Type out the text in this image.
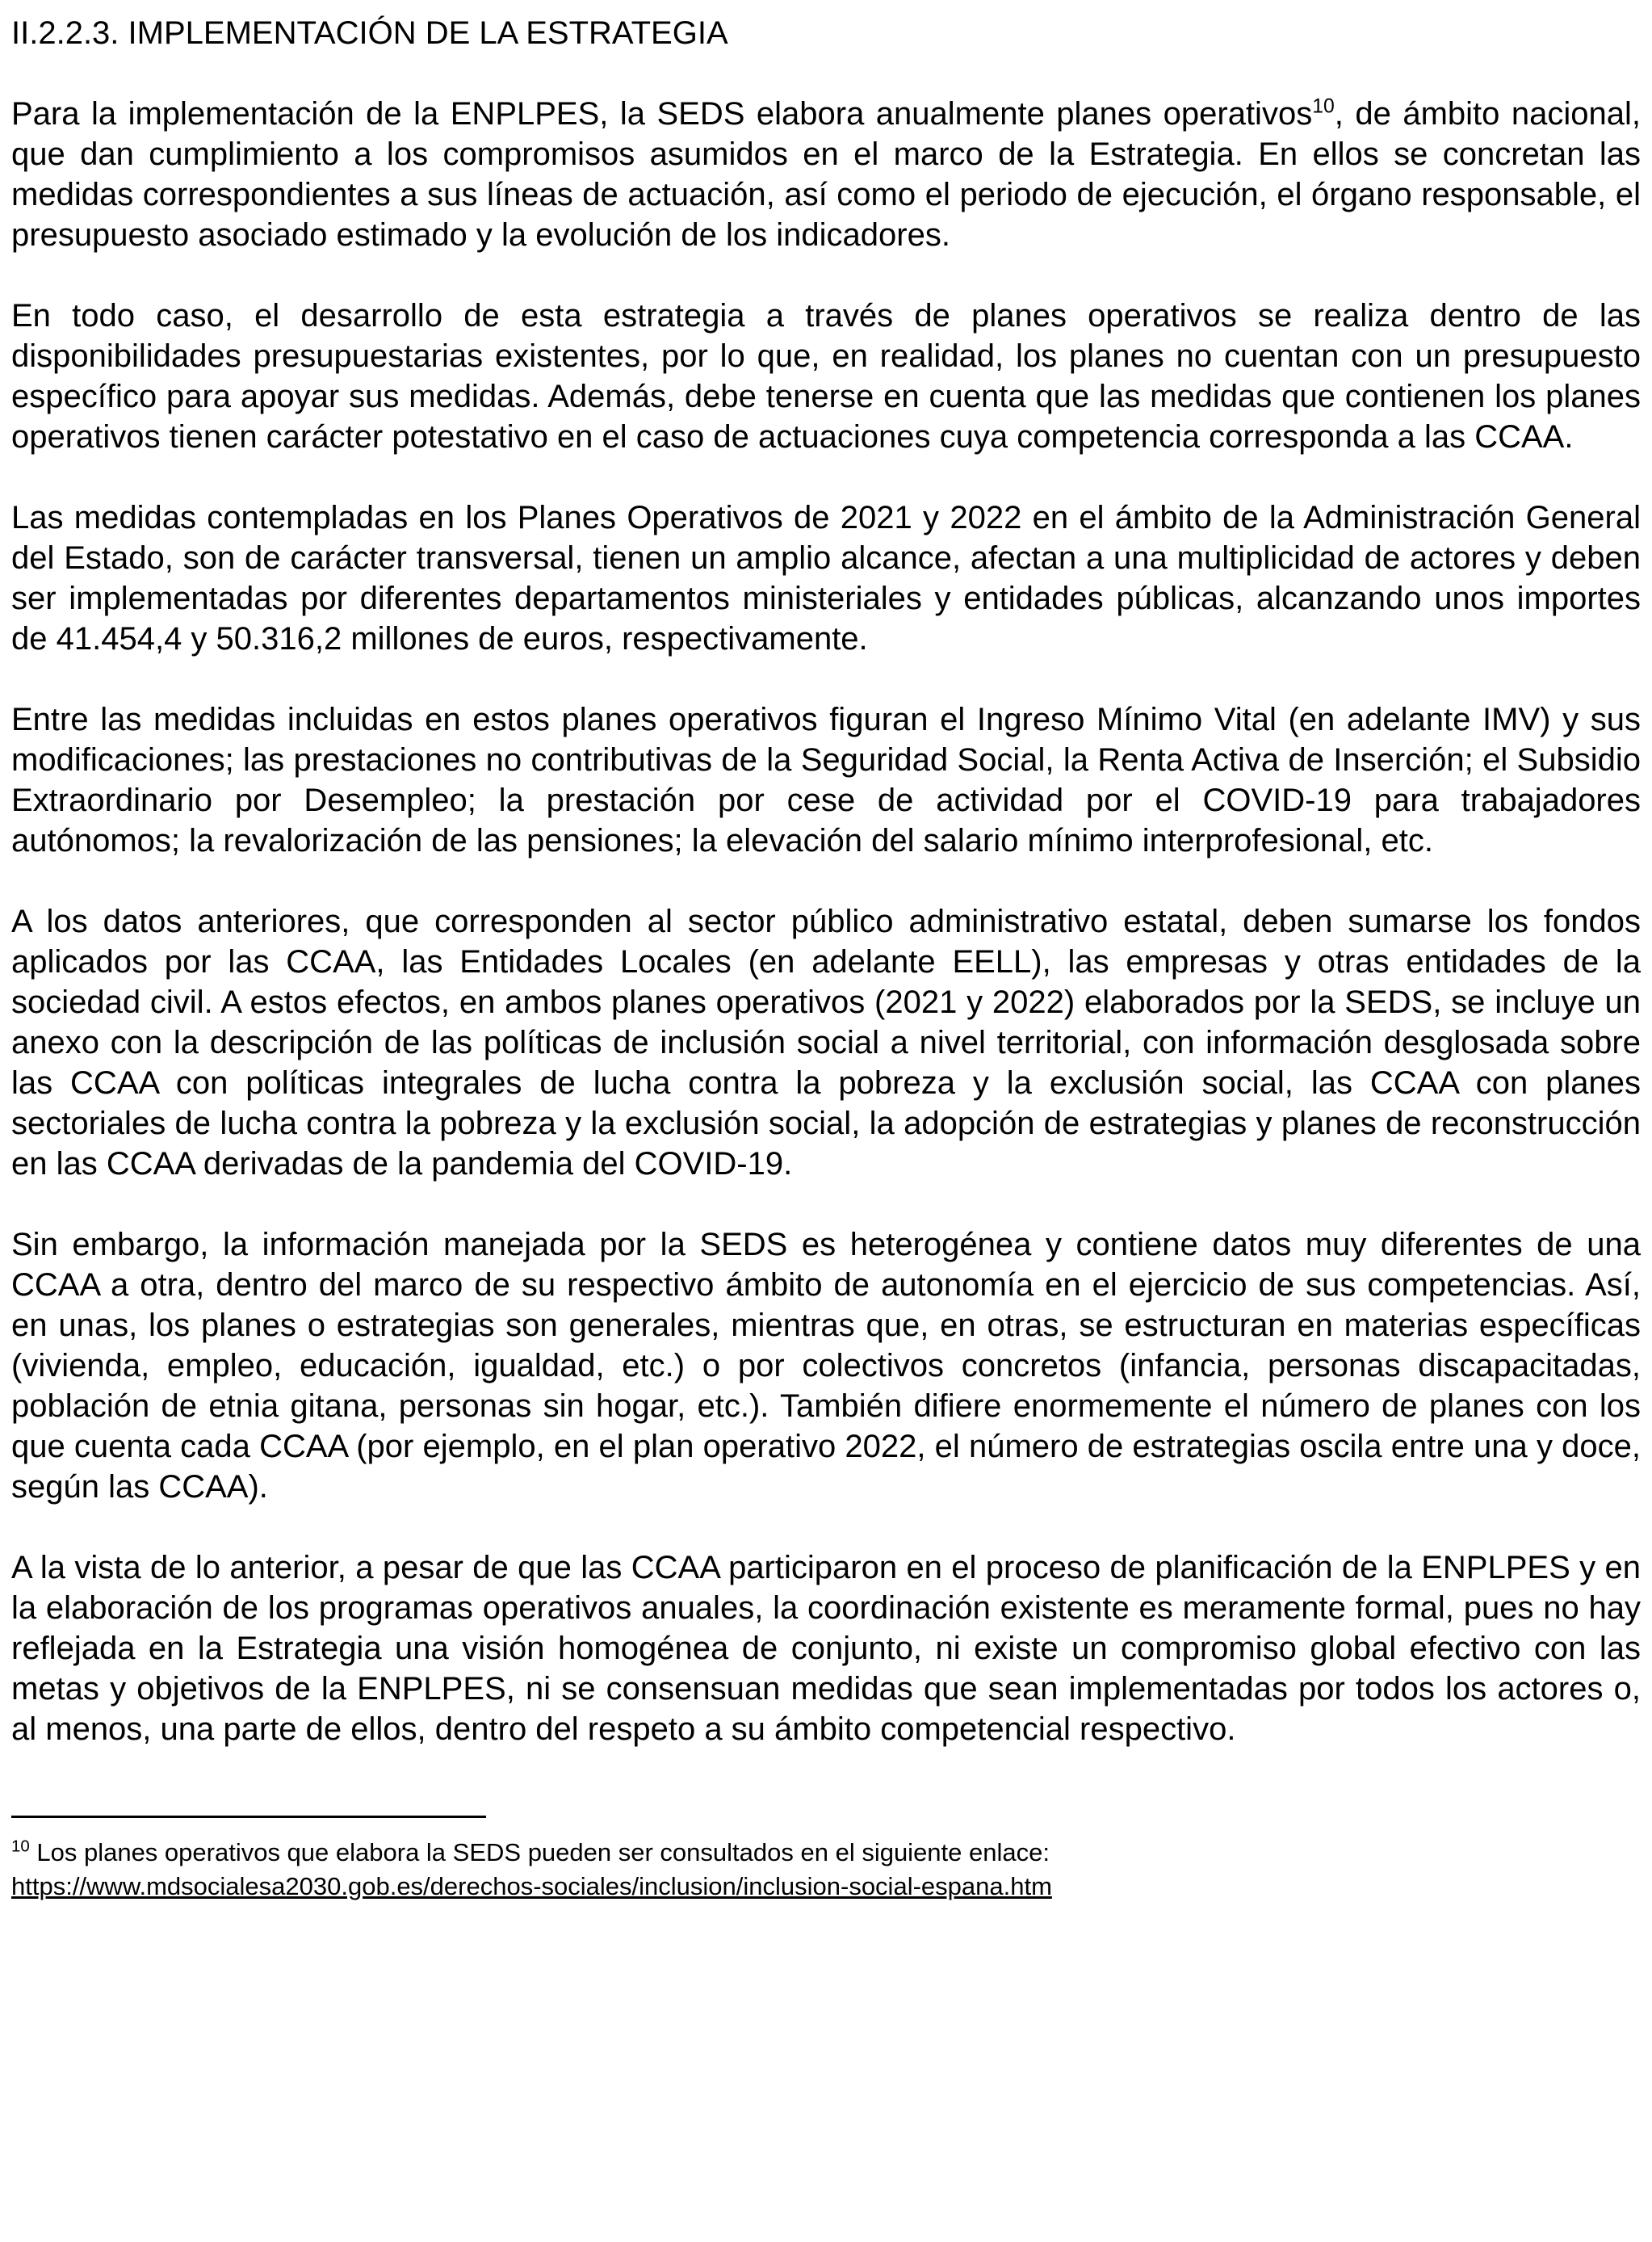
II.2.2.3. IMPLEMENTACIÓN DE LA ESTRATEGIA

Para la implementación de la ENPLPES, la SEDS elabora anualmente planes operativos$^{10}$, de ámbito nacional, que dan cumplimiento a los compromisos asumidos en el marco de la Estrategia. En ellos se concretan las medidas correspondientes a sus líneas de actuación, así como el periodo de ejecución, el órgano responsable, el presupuesto asociado estimado y la evolución de los indicadores.

En todo caso, el desarrollo de esta estrategia a través de planes operativos se realiza dentro de las disponibilidades presupuestarias existentes, por lo que, en realidad, los planes no cuentan con un presupuesto específico para apoyar sus medidas. Además, debe tenerse en cuenta que las medidas que contienen los planes operativos tienen carácter potestativo en el caso de actuaciones cuya competencia corresponda a las CCAA.

Las medidas contempladas en los Planes Operativos de 2021 y 2022 en el ámbito de la Administración General del Estado, son de carácter transversal, tienen un amplio alcance, afectan a una multiplicidad de actores y deben ser implementadas por diferentes departamentos ministeriales y entidades públicas, alcanzando unos importes de 41.454,4 y 50.316,2 millones de euros, respectivamente.

Entre las medidas incluidas en estos planes operativos figuran el Ingreso Mínimo Vital (en adelante IMV) y sus modificaciones; las prestaciones no contributivas de la Seguridad Social, la Renta Activa de Inserción; el Subsidio Extraordinario por Desempleo; la prestación por cese de actividad por el COVID-19 para trabajadores autónomos; la revalorización de las pensiones; la elevación del salario mínimo interprofesional, etc.

A los datos anteriores, que corresponden al sector público administrativo estatal, deben sumarse los fondos aplicados por las CCAA, las Entidades Locales (en adelante EELL), las empresas y otras entidades de la sociedad civil. A estos efectos, en ambos planes operativos (2021 y 2022) elaborados por la SEDS, se incluye un anexo con la descripción de las políticas de inclusión social a nivel territorial, con información desglosada sobre las CCAA con políticas integrales de lucha contra la pobreza y la exclusión social, las CCAA con planes sectoriales de lucha contra la pobreza y la exclusión social, la adopción de estrategias y planes de reconstrucción en las CCAA derivadas de la pandemia del COVID-19.

Sin embargo, la información manejada por la SEDS es heterogénea y contiene datos muy diferentes de una CCAA a otra, dentro del marco de su respectivo ámbito de autonomía en el ejercicio de sus competencias. Así, en unas, los planes o estrategias son generales, mientras que, en otras, se estructuran en materias específicas (vivienda, empleo, educación, igualdad, etc.) o por colectivos concretos (infancia, personas discapacitadas, población de etnia gitana, personas sin hogar, etc.). También difiere enormemente el número de planes con los que cuenta cada CCAA (por ejemplo, en el plan operativo 2022, el número de estrategias oscila entre una y doce, según las CCAA).

A la vista de lo anterior, a pesar de que las CCAA participaron en el proceso de planificación de la ENPLPES y en la elaboración de los programas operativos anuales, la coordinación existente es meramente formal, pues no hay reflejada en la Estrategia una visión homogénea de conjunto, ni existe un compromiso global efectivo con las metas y objetivos de la ENPLPES, ni se consensuan medidas que sean implementadas por todos los actores o, al menos, una parte de ellos, dentro del respeto a su ámbito competencial respectivo.

$^{10}$ Los planes operativos que elabora la SEDS pueden ser consultados en el siguiente enlace:
https://www.mdsocialesa2030.gob.es/derechos-sociales/inclusion/inclusion-social-espana.htm
